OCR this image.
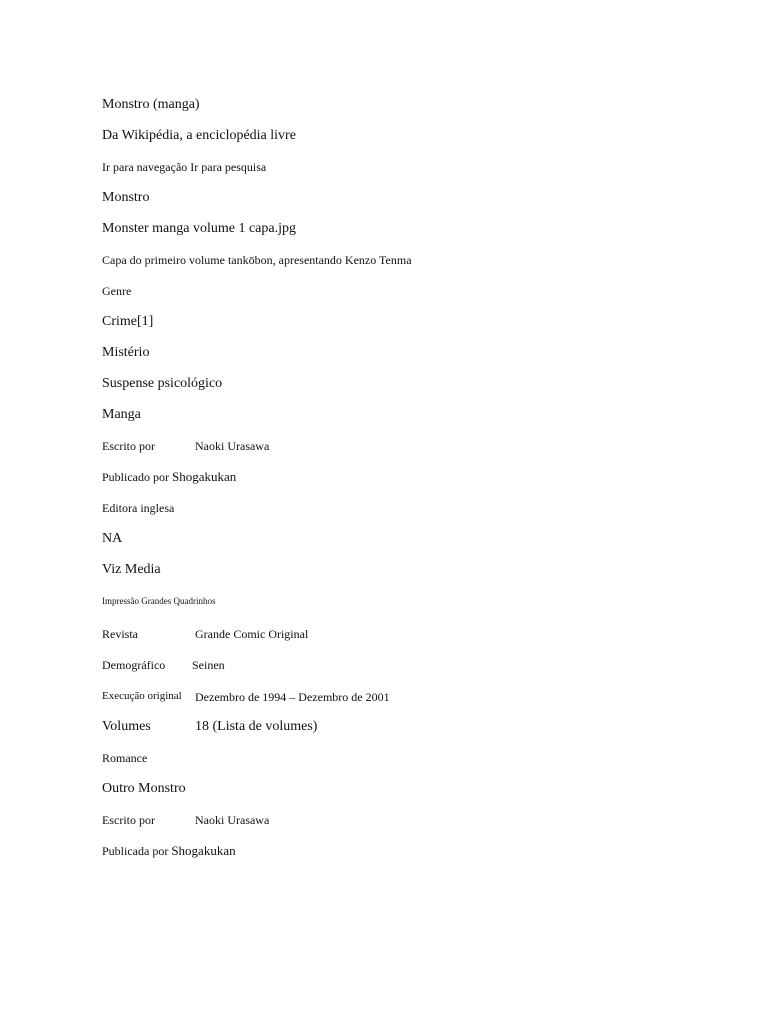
Monstro (manga)
Da Wikipédia, a enciclopédia livre
Ir para navegação Ir para pesquisa
Monstro
Monster manga volume 1 capa.jpg
Capa do primeiro volume tankōbon, apresentando Kenzo Tenma
Genre
Crime[1]
Mistério
Suspense psicológico
Manga
Escrito por	Naoki Urasawa
Publicado por Shogakukan
Editora inglesa
NA
Viz Media
Impressão Grandes Quadrinhos
Revista	Grande Comic Original
Demográfico Seinen
Execução original Dezembro de 1994 – Dezembro de 2001
Volumes	18 (Lista de volumes)
Romance
Outro Monstro
Escrito por	Naoki Urasawa
Publicada por Shogakukan
